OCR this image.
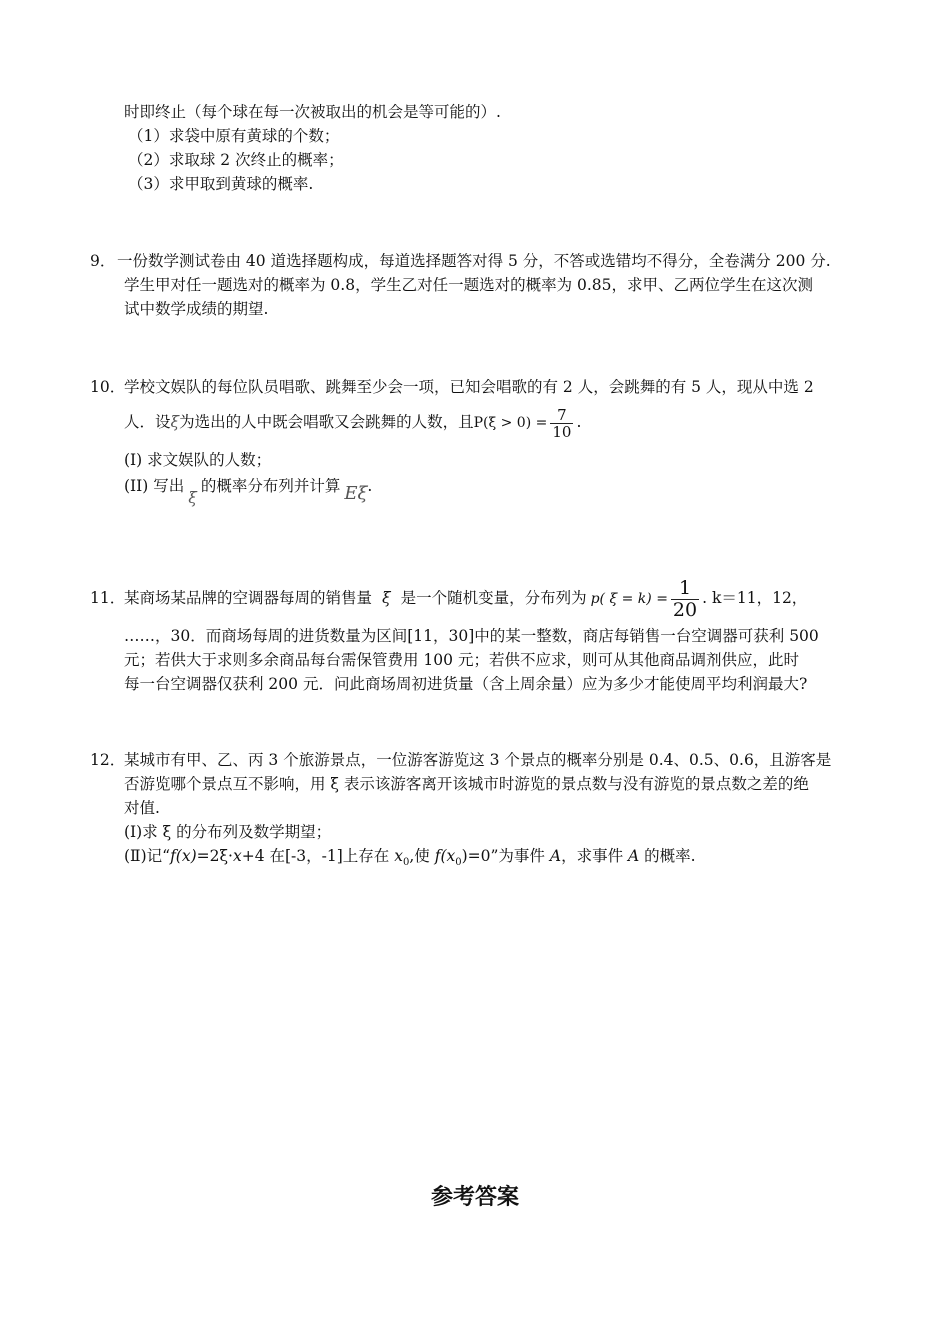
时即终止（每个球在每一次被取出的机会是等可能的）.
（1）求袋中原有黄球的个数；
（2）求取球 2 次终止的概率；
（3）求甲取到黄球的概率.
9． 一份数学测试卷由 40 道选择题构成，每道选择题答对得 5 分，不答或选错均不得分，全卷满分 200 分.
学生甲对任一题选对的概率为 0.8，学生乙对任一题选对的概率为 0.85，求甲、乙两位学生在这次测
试中数学成绩的期望.
10．
学校文娱队的每位队员唱歌、跳舞至少会一项，已知会唱歌的有 2 人，会跳舞的有 5 人，现从中选 2
人．设ξ为选出的人中既会唱歌又会跳舞的人数，且$P(\xi > 0) = \frac{7}{10}$ .
(I) 求文娱队的人数；
(II) 写出ξ的概率分布列并计算 Eξ.
11．
某商场某品牌的空调器每周的销售量 ξ 是一个随机变量，分布列为 p( $\xi = k) = \frac{1}{20}$ . k＝11，12，
……，30．而商场每周的进货数量为区间[11，30]中的某一整数，商店每销售一台空调器可获利 500
元；若供大于求则多余商品每台需保管费用 100 元；若供不应求，则可从其他商品调剂供应，此时
每一台空调器仅获利 200 元．问此商场周初进货量（含上周余量）应为多少才能使周平均利润最大?
12．
某城市有甲、乙、丙 3 个旅游景点，一位游客游览这 3 个景点的概率分别是 0.4、0.5、0.6，且游客是
否游览哪个景点互不影响，用 ξ 表示该游客离开该城市时游览的景点数与没有游览的景点数之差的绝
对值.
(Ⅰ)求 ξ 的分布列及数学期望；
(Ⅱ)记“f(x)=2ξ·x+4 在[-3，-1]上存在 $x_0$,使 $f(x_0)=0$”为事件 A，求事件 A 的概率.
参考答案
